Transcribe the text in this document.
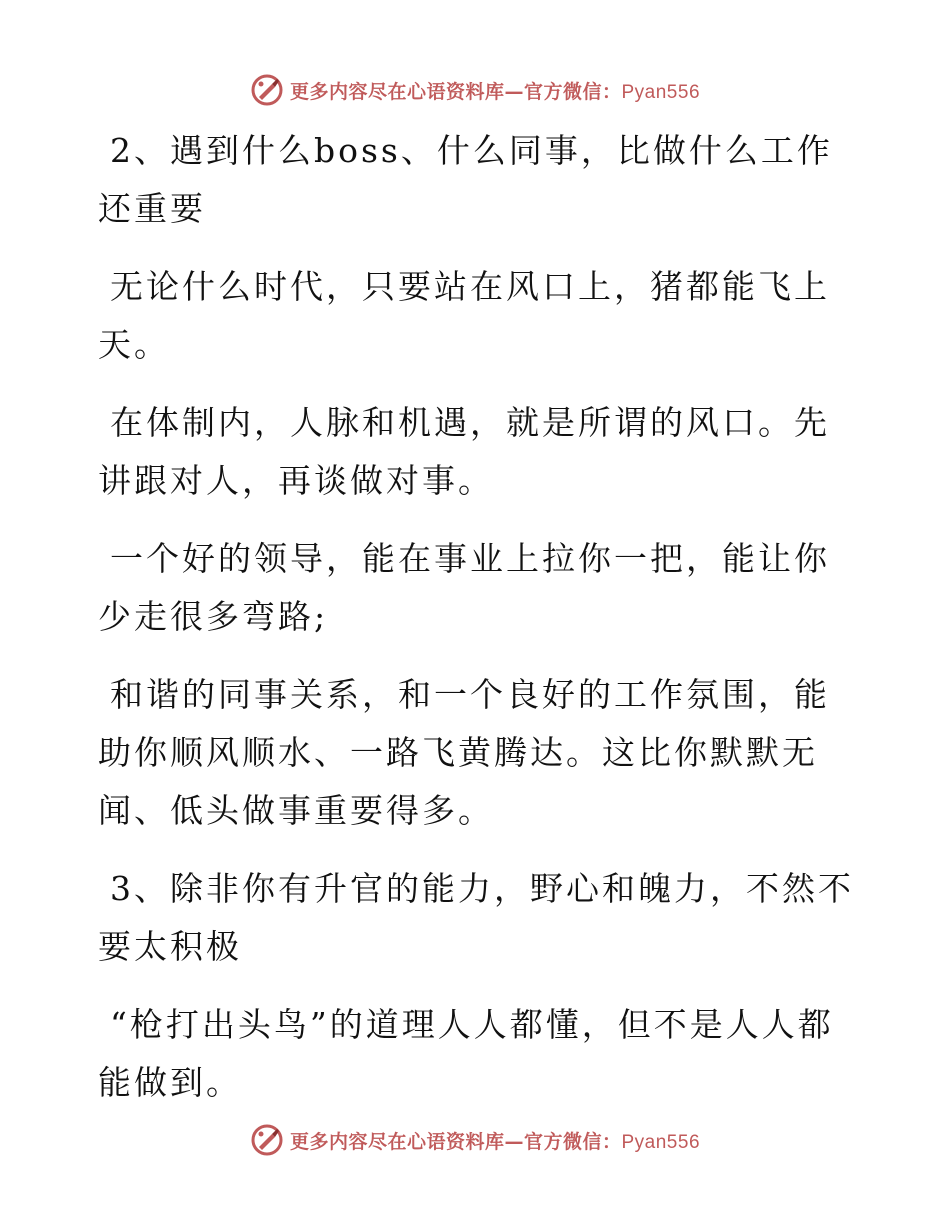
更多内容尽在心语资料库—官方微信：Pyan556

2、遇到什么boss、什么同事，比做什么工作还重要

无论什么时代，只要站在风口上，猪都能飞上天。

在体制内，人脉和机遇，就是所谓的风口。先讲跟对人，再谈做对事。

一个好的领导，能在事业上拉你一把，能让你少走很多弯路;

和谐的同事关系，和一个良好的工作氛围，能助你顺风顺水、一路飞黄腾达。这比你默默无闻、低头做事重要得多。

3、除非你有升官的能力，野心和魄力，不然不要太积极

“枪打出头鸟”的道理人人都懂，但不是人人都能做到。

更多内容尽在心语资料库—官方微信：Pyan556
